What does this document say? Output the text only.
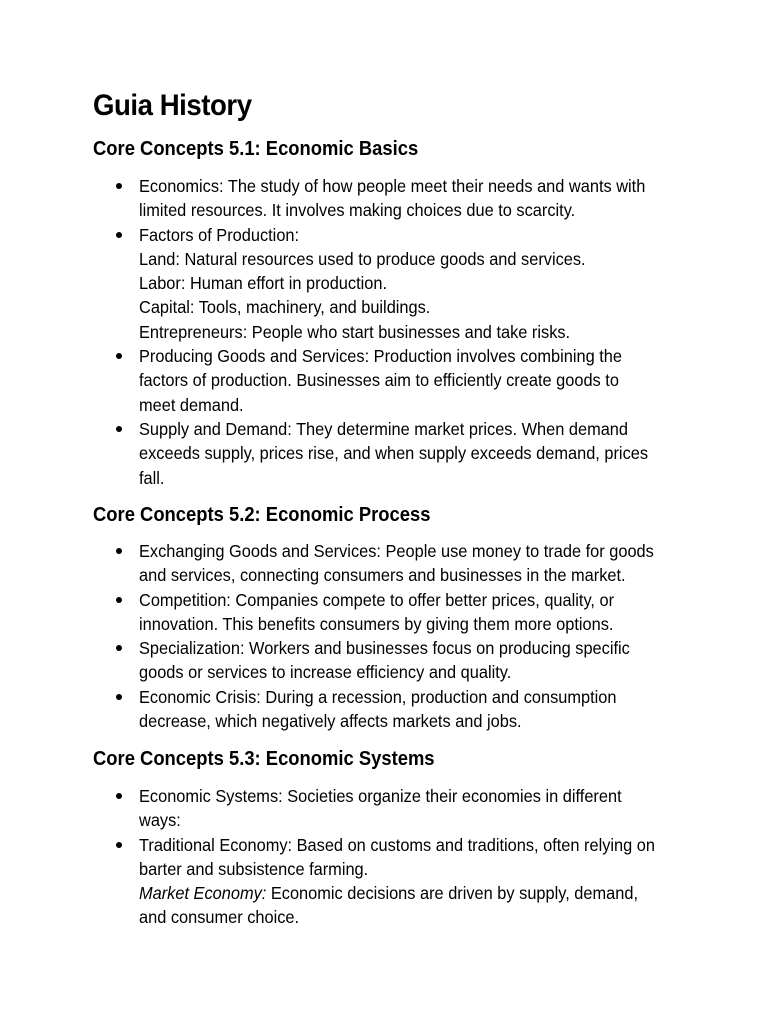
Guia History
Core Concepts 5.1: Economic Basics
Economics: The study of how people meet their needs and wants with
limited resources. It involves making choices due to scarcity.
Factors of Production:
Land: Natural resources used to produce goods and services.
Labor: Human effort in production.
Capital: Tools, machinery, and buildings.
Entrepreneurs: People who start businesses and take risks.
Producing Goods and Services: Production involves combining the
factors of production. Businesses aim to efficiently create goods to
meet demand.
Supply and Demand: They determine market prices. When demand
exceeds supply, prices rise, and when supply exceeds demand, prices
fall.
Core Concepts 5.2: Economic Process
Exchanging Goods and Services: People use money to trade for goods
and services, connecting consumers and businesses in the market.
Competition: Companies compete to offer better prices, quality, or
innovation. This benefits consumers by giving them more options.
Specialization: Workers and businesses focus on producing specific
goods or services to increase efficiency and quality.
Economic Crisis: During a recession, production and consumption
decrease, which negatively affects markets and jobs.
Core Concepts 5.3: Economic Systems
Economic Systems: Societies organize their economies in different
ways:
Traditional Economy: Based on customs and traditions, often relying on
barter and subsistence farming.
Market Economy: Economic decisions are driven by supply, demand,
and consumer choice.
